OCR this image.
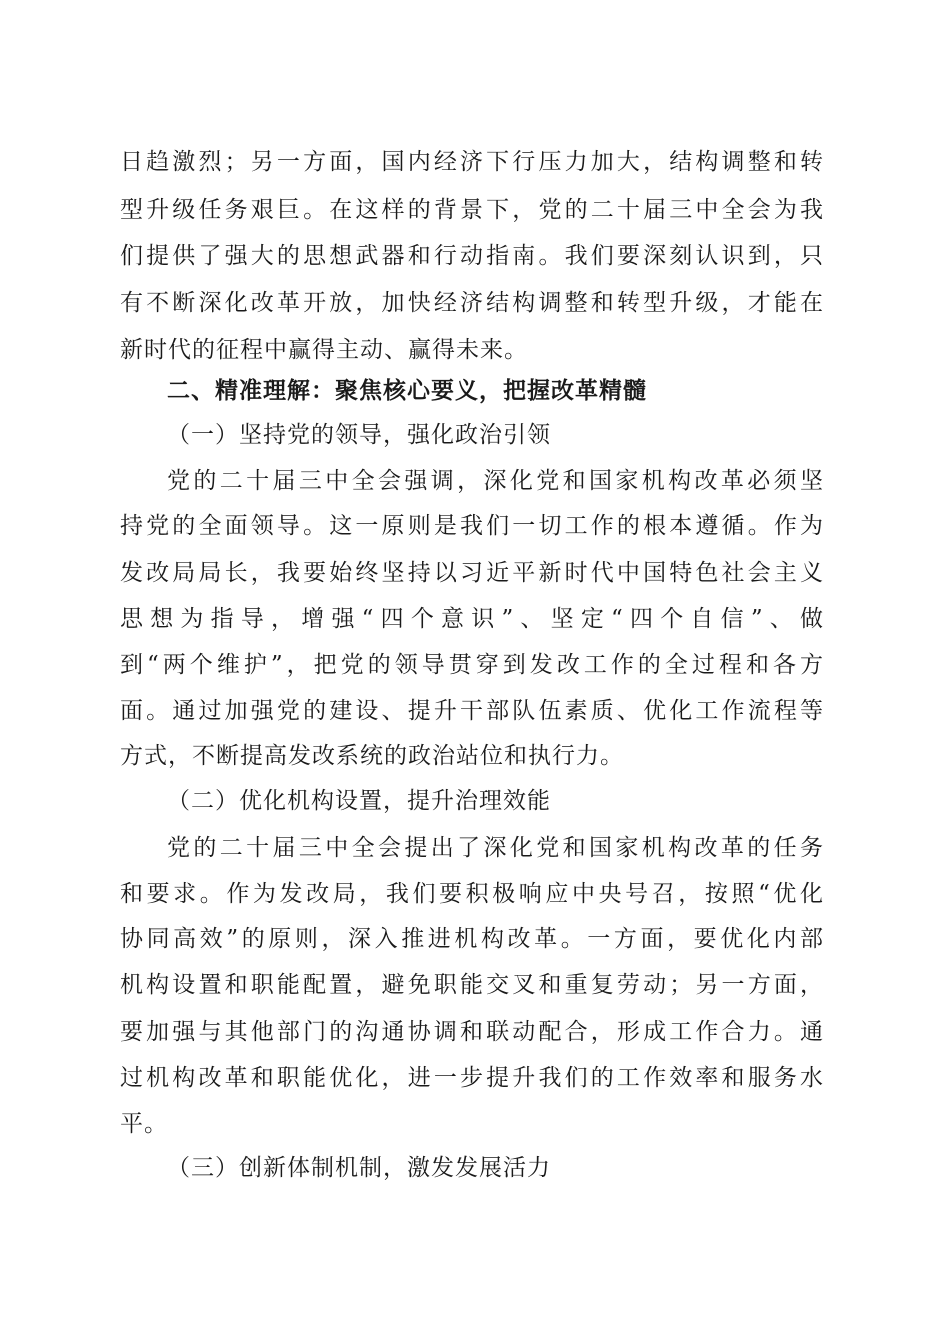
日趋激烈；另一方面，国内经济下行压力加大，结构调整和转
型升级任务艰巨。在这样的背景下，党的二十届三中全会为我
们提供了强大的思想武器和行动指南。我们要深刻认识到，只
有不断深化改革开放，加快经济结构调整和转型升级，才能在
新时代的征程中赢得主动、赢得未来。
二、精准理解：聚焦核心要义，把握改革精髓
（一）坚持党的领导，强化政治引领
党的二十届三中全会强调，深化党和国家机构改革必须坚
持党的全面领导。这一原则是我们一切工作的根本遵循。作为
发改局局长，我要始终坚持以习近平新时代中国特色社会主义
思想为指导，增强“四个意识”、坚定“四个自信”、做
到“两个维护”，把党的领导贯穿到发改工作的全过程和各方
面。通过加强党的建设、提升干部队伍素质、优化工作流程等
方式，不断提高发改系统的政治站位和执行力。
（二）优化机构设置，提升治理效能
党的二十届三中全会提出了深化党和国家机构改革的任务
和要求。作为发改局，我们要积极响应中央号召，按照“优化
协同高效”的原则，深入推进机构改革。一方面，要优化内部
机构设置和职能配置，避免职能交叉和重复劳动；另一方面，
要加强与其他部门的沟通协调和联动配合，形成工作合力。通
过机构改革和职能优化，进一步提升我们的工作效率和服务水
平。
（三）创新体制机制，激发发展活力
